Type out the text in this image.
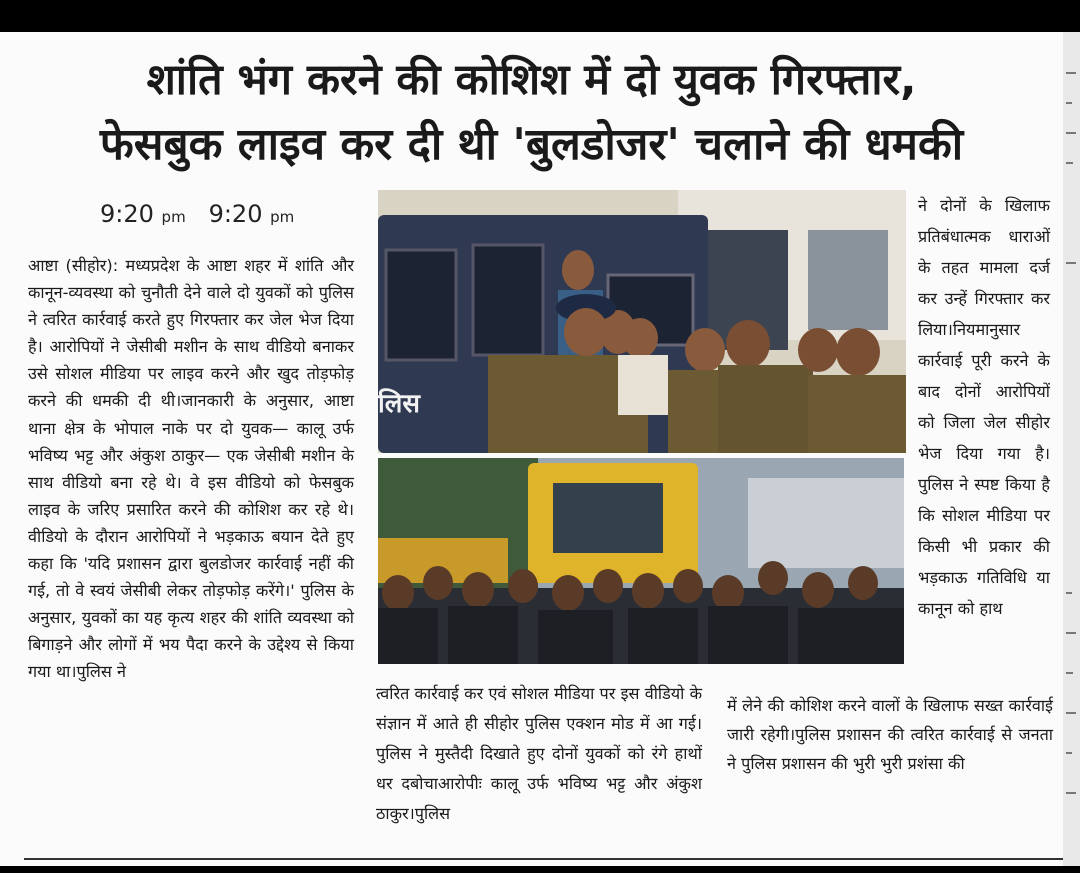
शांति भंग करने की कोशिश में दो युवक गिरफ्तार,
फेसबुक लाइव कर दी थी 'बुलडोजर' चलाने की धमकी
9:20 pm 9:20 pm
आष्टा (सीहोर): मध्यप्रदेश के आष्टा शहर में शांति और कानून-व्यवस्था को चुनौती देने वाले दो युवकों को पुलिस ने त्वरित कार्रवाई करते हुए गिरफ्तार कर जेल भेज दिया है। आरोपियों ने जेसीबी मशीन के साथ वीडियो बनाकर उसे सोशल मीडिया पर लाइव करने और खुद तोड़फोड़ करने की धमकी दी थी।जानकारी के अनुसार, आष्टा थाना क्षेत्र के भोपाल नाके पर दो युवक— कालू उर्फ भविष्य भट्ट और अंकुश ठाकुर— एक जेसीबी मशीन के साथ वीडियो बना रहे थे। वे इस वीडियो को फेसबुक लाइव के जरिए प्रसारित करने की कोशिश कर रहे थे।वीडियो के दौरान आरोपियों ने भड़काऊ बयान देते हुए कहा कि 'यदि प्रशासन द्वारा बुलडोजर कार्रवाई नहीं की गई, तो वे स्वयं जेसीबी लेकर तोड़फोड़ करेंगे।' पुलिस के अनुसार, युवकों का यह कृत्य शहर की शांति व्यवस्था को बिगाड़ने और लोगों में भय पैदा करने के उद्देश्य से किया गया था।पुलिस ने
लिस
ने दोनों के खिलाफ प्रतिबंधात्मक धाराओं के तहत मामला दर्ज कर उन्हें गिरफ्तार कर लिया।नियमानुसार कार्रवाई पूरी करने के बाद दोनों आरोपियों को जिला जेल सीहोर भेज दिया गया है।पुलिस ने स्पष्ट किया है कि सोशल मीडिया पर किसी भी प्रकार की भड़काऊ गतिविधि या कानून को हाथ
त्वरित कार्रवाई कर एवं सोशल मीडिया पर इस वीडियो के संज्ञान में आते ही सीहोर पुलिस एक्शन मोड में आ गई। पुलिस ने मुस्तैदी दिखाते हुए दोनों युवकों को रंगे हाथों धर दबोचाआरोपीः कालू उर्फ भविष्य भट्ट और अंकुश ठाकुर।पुलिस
में लेने की कोशिश करने वालों के खिलाफ सख्त कार्रवाई जारी रहेगी।पुलिस प्रशासन की त्वरित कार्रवाई से जनता ने पुलिस प्रशासन की भुरी भुरी प्रशंसा की
